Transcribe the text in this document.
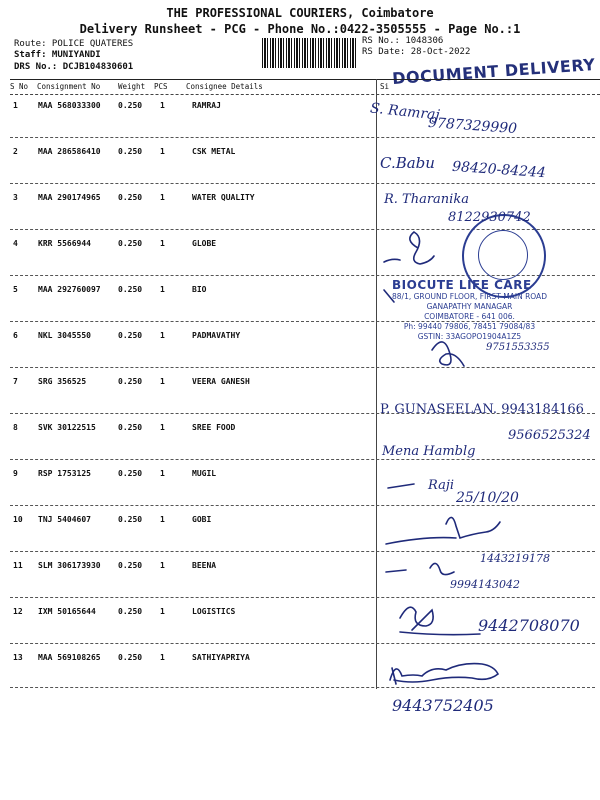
THE PROFESSIONAL COURIERS, Coimbatore
Delivery Runsheet - PCG - Phone No.:0422-3505555 - Page No.:1
Route: POLICE QUATERES
Staff: MUNIYANDI
DRS No.: DCJB104830601
RS No.: 1048306
RS Date: 28-Oct-2022
DOCUMENT DELIVERY
S No Consignment No Weight PCS Consignee Details	Si
1	MAA 568033300 0.250 1	RAMRAJ
2	MAA 286586410 0.250 1	CSK METAL
3	MAA 290174965 0.250 1	WATER QUALITY
4	KRR 5566944	0.250 1	GLOBE
5	MAA 292760097 0.250 1	BIO
6	NKL 3045550	0.250 1	PADMAVATHY
7	SRG 356525	0.250 1	VEERA GANESH
8	SVK 30122515	0.250 1	SREE FOOD
9	RSP 1753125	0.250 1	MUGIL
10 TNJ 5404607	0.250 1	GOBI
11 SLM 306173930 0.250 1	BEENA
12 IXM 50165644	0.250 1	LOGISTICS
13 MAA 569108265 0.250 1	SATHIYAPRIYA
BIOCUTE LIFE CARE
88/1, GROUND FLOOR, FIRST MAIN ROAD
GANAPATHY MANAGAR
COIMBATORE - 641 006.
Ph: 99440 79806, 78451 79084/83
GSTIN: 33AGOPO1904A1Z5
S. Ramraj
9787329990
C.Babu 98420-84244
R. Tharanika
8122930742
9751553355
P. GUNASEELAN. 9943184166
9566525324
Mena Hamblg
Raji
25/10/20
1443219178
9994143042
9442708070
9443752405
